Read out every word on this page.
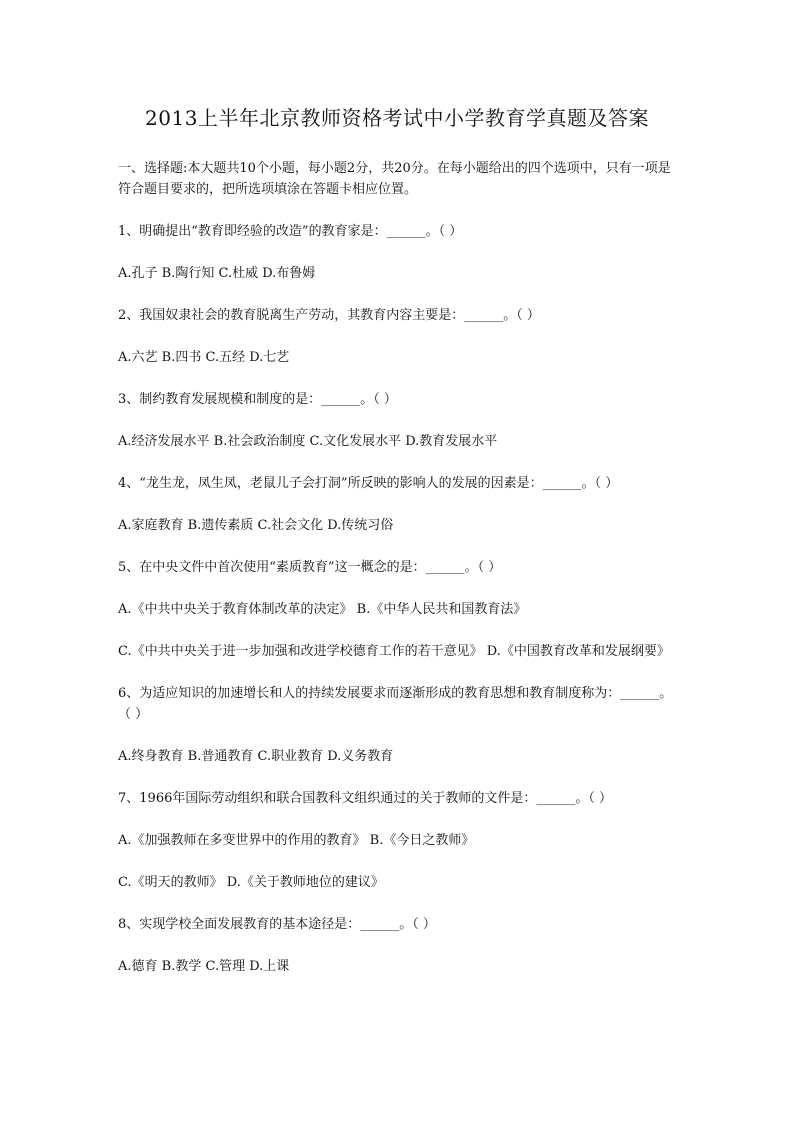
2013上半年北京教师资格考试中小学教育学真题及答案

一、选择题:本大题共10个小题，每小题2分，共20分。在每小题给出的四个选项中，只有一项是符合题目要求的，把所选项填涂在答题卡相应位置。

1、明确提出“教育即经验的改造”的教育家是：______。（ ）

A.孔子 B.陶行知 C.杜威 D.布鲁姆

2、我国奴隶社会的教育脱离生产劳动，其教育内容主要是：______。（ ）

A.六艺 B.四书 C.五经 D.七艺

3、制约教育发展规模和制度的是：______。（ ）

A.经济发展水平 B.社会政治制度 C.文化发展水平 D.教育发展水平

4、“龙生龙，凤生凤，老鼠儿子会打洞”所反映的影响人的发展的因素是：______。（ ）

A.家庭教育 B.遗传素质 C.社会文化 D.传统习俗

5、在中央文件中首次使用“素质教育”这一概念的是：______。（ ）

A.《中共中央关于教育体制改革的决定》 B.《中华人民共和国教育法》

C.《中共中央关于进一步加强和改进学校德育工作的若干意见》 D.《中国教育改革和发展纲要》

6、为适应知识的加速增长和人的持续发展要求而逐渐形成的教育思想和教育制度称为：______。（ ）

A.终身教育 B.普通教育 C.职业教育 D.义务教育

7、1966年国际劳动组织和联合国教科文组织通过的关于教师的文件是：______。（ ）

A.《加强教师在多变世界中的作用的教育》 B.《今日之教师》

C.《明天的教师》 D.《关于教师地位的建议》

8、实现学校全面发展教育的基本途径是：______。（ ）

A.德育 B.教学 C.管理 D.上课
